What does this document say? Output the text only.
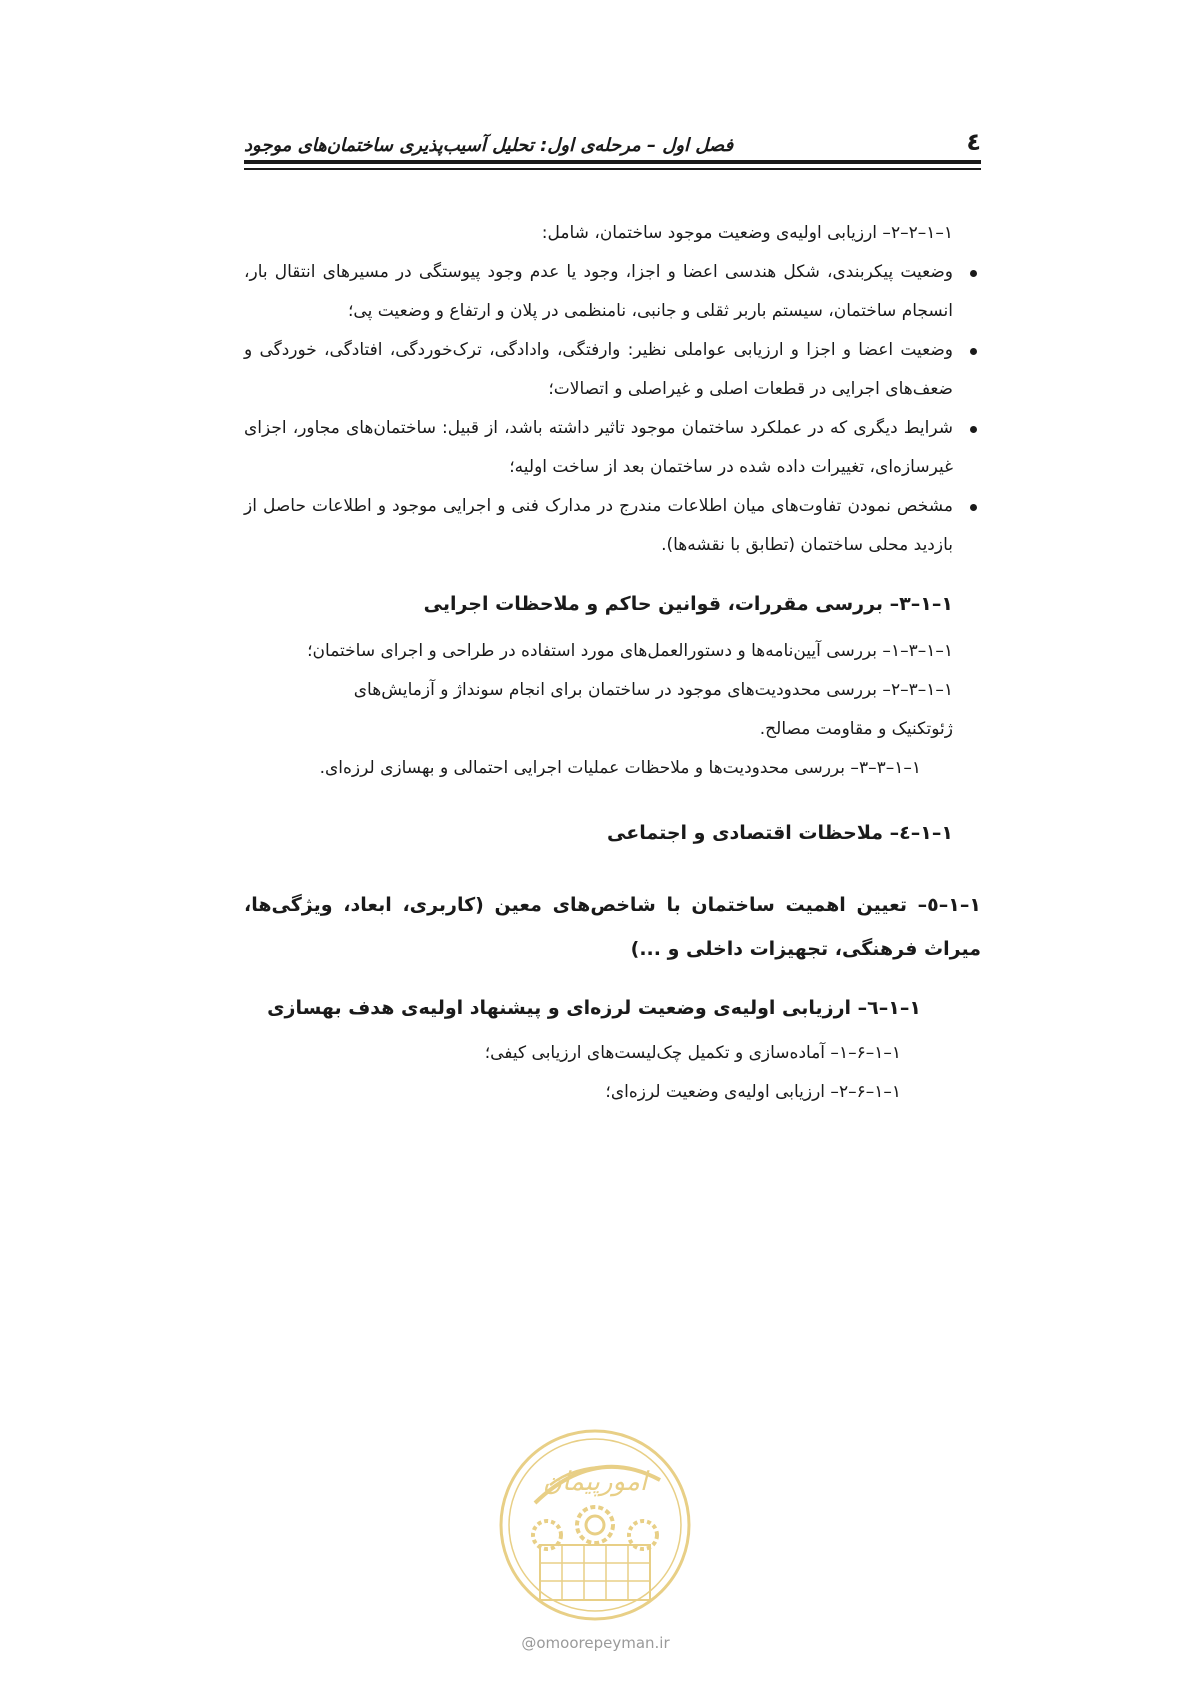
٤
فصل اول – مرحله‌ی اول: تحلیل آسیب‌پذیری ساختمان‌های موجود

۱–۱–۲–۲– ارزیابی اولیه‌ی وضعیت موجود ساختمان، شامل:

وضعیت پیکربندی، شکل هندسی اعضا و اجزا، وجود یا عدم وجود پیوستگی در مسیرهای انتقال بار، انسجام ساختمان، سیستم باربر ثقلی و جانبی، نامنظمی در پلان و ارتفاع و وضعیت پی؛
وضعیت اعضا و اجزا و ارزیابی عواملی نظیر: وارفتگی، وادادگی، ترک‌خوردگی، افتادگی، خوردگی و ضعف‌های اجرایی در قطعات اصلی و غیراصلی و اتصالات؛
شرایط دیگری که در عملکرد ساختمان موجود تاثیر داشته باشد، از قبیل: ساختمان‌های مجاور، اجزای غیرسازه‌ای، تغییرات داده شده در ساختمان بعد از ساخت اولیه؛
مشخص نمودن تفاوت‌های میان اطلاعات مندرج در مدارک فنی و اجرایی موجود و اطلاعات حاصل از بازدید محلی ساختمان (تطابق با نقشه‌ها).

۱–۱–۳– بررسی مقررات، قوانین حاکم و ملاحظات اجرایی

۱–۱–۳–۱– بررسی آیین‌نامه‌ها و دستورالعمل‌های مورد استفاده در طراحی و اجرای ساختمان؛

۱–۱–۳–۲– بررسی محدودیت‌های موجود در ساختمان برای انجام سونداژ و آزمایش‌های

ژئوتکنیک و مقاومت مصالح.

۱–۱–۳–۳– بررسی محدودیت‌ها و ملاحظات عملیات اجرایی احتمالی و بهسازی لرزه‌ای.

۱–۱–٤– ملاحظات اقتصادی و اجتماعی

۱–۱–٥– تعیین اهمیت ساختمان با شاخص‌های معین (کاربری، ابعاد، ویژگی‌ها، میراث فرهنگی، تجهیزات داخلی و ...)

۱–۱–٦– ارزیابی اولیه‌ی وضعیت لرزه‌ای و پیشنهاد اولیه‌ی هدف بهسازی

۱–۱–۶–۱– آماده‌سازی و تکمیل چک‌لیست‌های ارزیابی کیفی؛

۱–۱–۶–۲– ارزیابی اولیه‌ی وضعیت لرزه‌ای؛

امورپیمان
@omoorepeyman.ir
